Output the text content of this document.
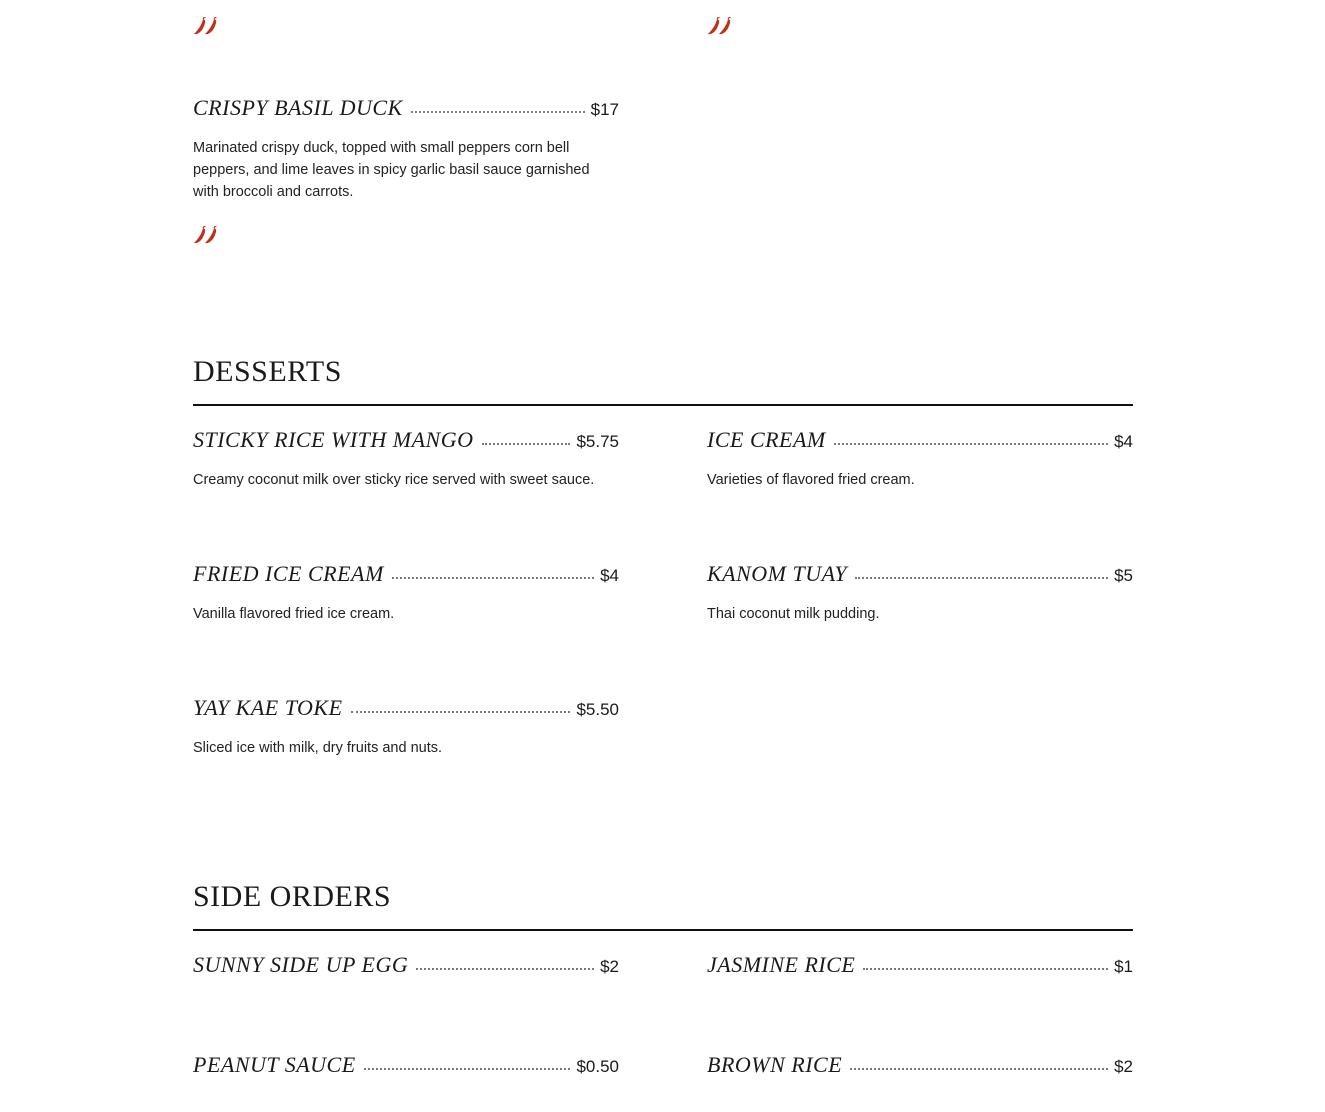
CRISPY BASIL DUCK	$17

Marinated crispy duck, topped with small peppers corn bell peppers, and lime leaves in spicy garlic basil sauce garnished with broccoli and carrots.

DESSERTS
STICKY RICE WITH MANGO	$5.75

Creamy coconut milk over sticky rice served with sweet sauce.

ICE CREAM	$4

Varieties of flavored fried cream.

FRIED ICE CREAM	$4

Vanilla flavored fried ice cream.

KANOM TUAY	$5

Thai coconut milk pudding.

YAY KAE TOKE	$5.50

Sliced ice with milk, dry fruits and nuts.

SIDE ORDERS
SUNNY SIDE UP EGG	$2	JASMINE RICE	$1
PEANUT SAUCE	$0.50	BROWN RICE	$2
